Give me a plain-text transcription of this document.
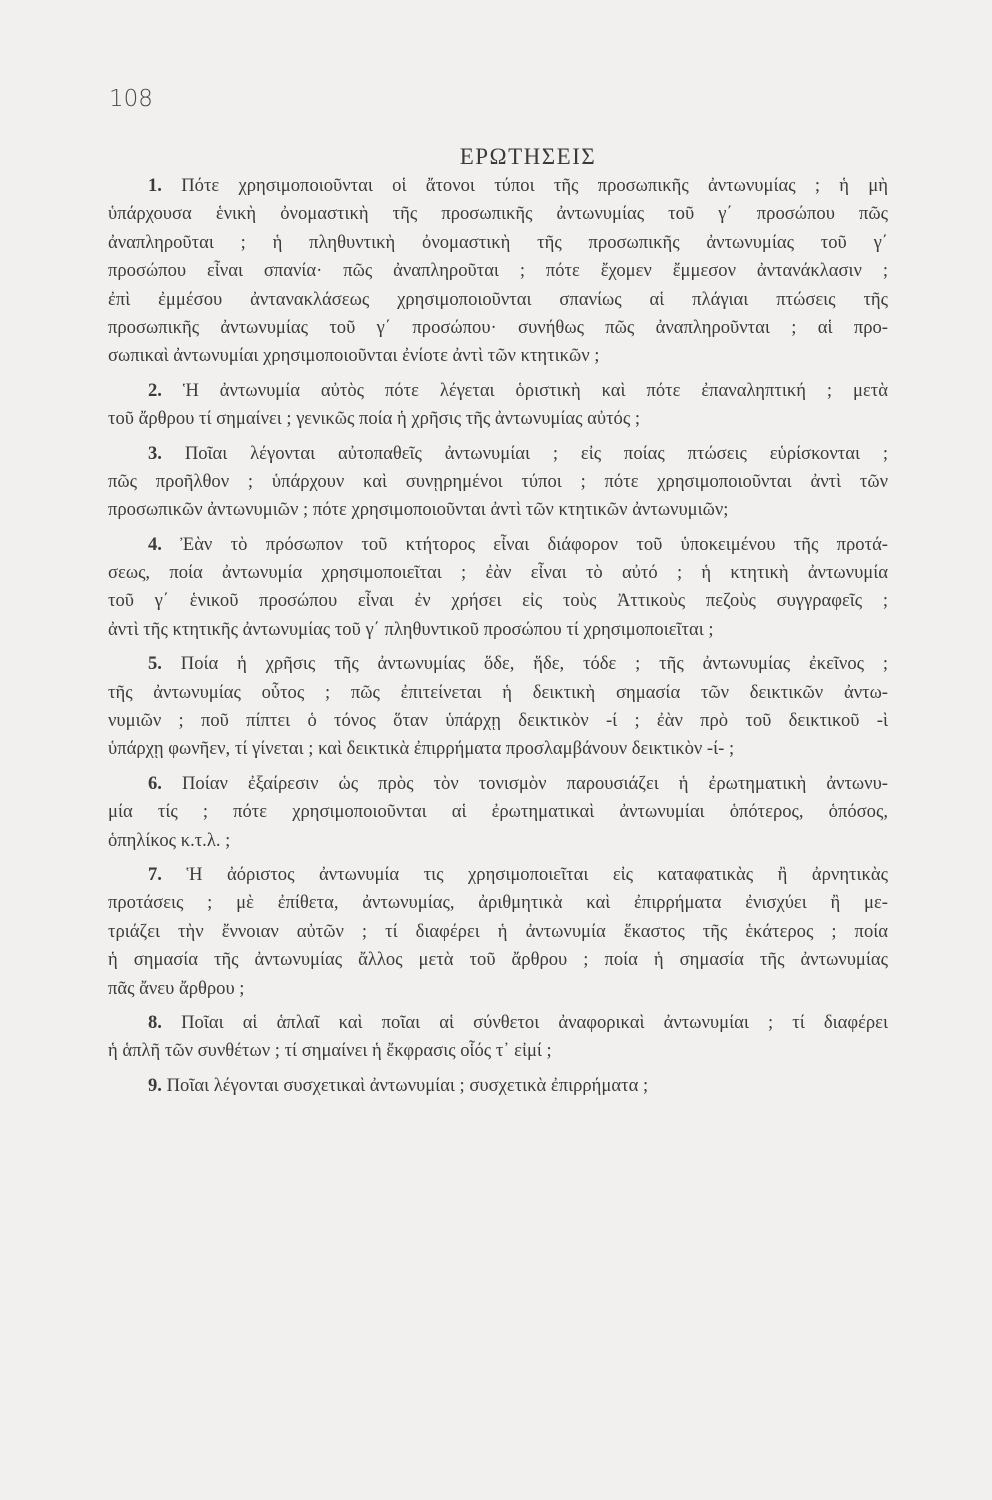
108
ΕΡΩΤΗΣΕΙΣ
1. Πότε χρησιμοποιοῦνται οἱ ἄτονοι τύποι τῆς προσωπικῆς ἀντωνυμίας ; ἡ μὴ
ὑπάρχουσα ἑνικὴ ὀνομαστικὴ τῆς προσωπικῆς ἀντωνυμίας τοῦ γ΄ προσώπου πῶς
ἀναπληροῦται ; ἡ πληθυντικὴ ὀνομαστικὴ τῆς προσωπικῆς ἀντωνυμίας τοῦ γ΄
προσώπου εἶναι σπανία· πῶς ἀναπληροῦται ; πότε ἔχομεν ἔμμεσον ἀντανάκλασιν ;
ἐπὶ ἐμμέσου ἀντανακλάσεως χρησιμοποιοῦνται σπανίως αἱ πλάγιαι πτώσεις τῆς
προσωπικῆς ἀντωνυμίας τοῦ γ΄ προσώπου· συνήθως πῶς ἀναπληροῦνται ; αἱ προ-
σωπικαὶ ἀντωνυμίαι χρησιμοποιοῦνται ἐνίοτε ἀντὶ τῶν κτητικῶν ;
2. Ἡ ἀντωνυμία αὐτὸς πότε λέγεται ὁριστικὴ καὶ πότε ἐπαναληπτική ; μετὰ
τοῦ ἄρθρου τί σημαίνει ; γενικῶς ποία ἡ χρῆσις τῆς ἀντωνυμίας αὐτός ;
3. Ποῖαι λέγονται αὐτοπαθεῖς ἀντωνυμίαι ; εἰς ποίας πτώσεις εὑρίσκονται ;
πῶς προῆλθον ; ὑπάρχουν καὶ συνῃρημένοι τύποι ; πότε χρησιμοποιοῦνται ἀντὶ τῶν
προσωπικῶν ἀντωνυμιῶν ; πότε χρησιμοποιοῦνται ἀντὶ τῶν κτητικῶν ἀντωνυμιῶν;
4. Ἐὰν τὸ πρόσωπον τοῦ κτήτορος εἶναι διάφορον τοῦ ὑποκειμένου τῆς προτά-
σεως, ποία ἀντωνυμία χρησιμοποιεῖται ; ἐὰν εἶναι τὸ αὐτό ; ἡ κτητικὴ ἀντωνυμία
τοῦ γ΄ ἑνικοῦ προσώπου εἶναι ἐν χρήσει εἰς τοὺς Ἀττικοὺς πεζοὺς συγγραφεῖς ;
ἀντὶ τῆς κτητικῆς ἀντωνυμίας τοῦ γ΄ πληθυντικοῦ προσώπου τί χρησιμοποιεῖται ;
5. Ποία ἡ χρῆσις τῆς ἀντωνυμίας ὅδε, ἥδε, τόδε ; τῆς ἀντωνυμίας ἐκεῖνος ;
τῆς ἀντωνυμίας οὗτος ; πῶς ἐπιτείνεται ἡ δεικτικὴ σημασία τῶν δεικτικῶν ἀντω-
νυμιῶν ; ποῦ πίπτει ὁ τόνος ὅταν ὑπάρχῃ δεικτικὸν -ί ; ἐὰν πρὸ τοῦ δεικτικοῦ -ὶ
ὑπάρχῃ φωνῆεν, τί γίνεται ; καὶ δεικτικὰ ἐπιρρήματα προσλαμβάνουν δεικτικὸν -ί- ;
6. Ποίαν ἐξαίρεσιν ὡς πρὸς τὸν τονισμὸν παρουσιάζει ἡ ἐρωτηματικὴ ἀντωνυ-
μία τίς ; πότε χρησιμοποιοῦνται αἱ ἐρωτηματικαὶ ἀντωνυμίαι ὁπότερος, ὁπόσος,
ὁπηλίκος κ.τ.λ. ;
7. Ἡ ἀόριστος ἀντωνυμία τις χρησιμοποιεῖται εἰς καταφατικὰς ἢ ἀρνητικὰς
προτάσεις ; μὲ ἐπίθετα, ἀντωνυμίας, ἀριθμητικὰ καὶ ἐπιρρήματα ἐνισχύει ἢ με-
τριάζει τὴν ἔννοιαν αὐτῶν ; τί διαφέρει ἡ ἀντωνυμία ἕκαστος τῆς ἑκάτερος ; ποία
ἡ σημασία τῆς ἀντωνυμίας ἄλλος μετὰ τοῦ ἄρθρου ; ποία ἡ σημασία τῆς ἀντωνυμίας
πᾶς ἄνευ ἄρθρου ;
8. Ποῖαι αἱ ἁπλαῖ καὶ ποῖαι αἱ σύνθετοι ἀναφορικαὶ ἀντωνυμίαι ; τί διαφέρει
ἡ ἁπλῆ τῶν συνθέτων ; τί σημαίνει ἡ ἔκφρασις οἷός τ᾽ εἰμί ;
9. Ποῖαι λέγονται συσχετικαὶ ἀντωνυμίαι ; συσχετικὰ ἐπιρρήματα ;
